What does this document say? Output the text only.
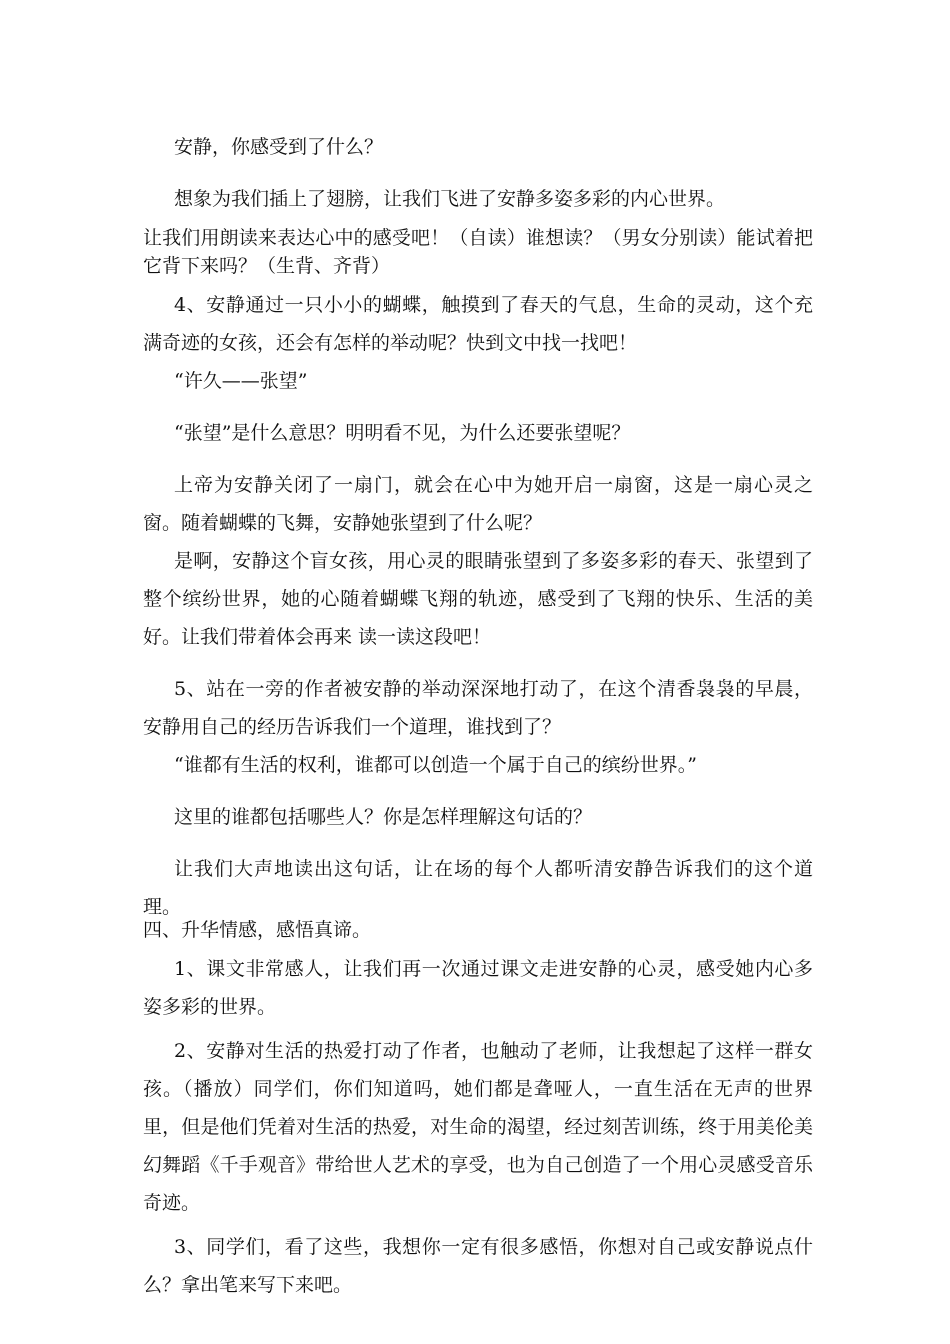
安静，你感受到了什么？

想象为我们插上了翅膀，让我们飞进了安静多姿多彩的内心世界。

让我们用朗读来表达心中的感受吧！（自读）谁想读？（男女分别读）能试着把它背下来吗？（生背、齐背）

4、安静通过一只小小的蝴蝶，触摸到了春天的气息，生命的灵动，这个充满奇迹的女孩，还会有怎样的举动呢？快到文中找一找吧！

“许久——张望”

“张望”是什么意思？明明看不见，为什么还要张望呢？

上帝为安静关闭了一扇门，就会在心中为她开启一扇窗，这是一扇心灵之窗。随着蝴蝶的飞舞，安静她张望到了什么呢？

是啊，安静这个盲女孩，用心灵的眼睛张望到了多姿多彩的春天、张望到了整个缤纷世界，她的心随着蝴蝶飞翔的轨迹，感受到了飞翔的快乐、生活的美好。让我们带着体会再来 读一读这段吧！

5、站在一旁的作者被安静的举动深深地打动了，在这个清香袅袅的早晨，安静用自己的经历告诉我们一个道理，谁找到了？

“谁都有生活的权利，谁都可以创造一个属于自己的缤纷世界。”

这里的谁都包括哪些人？你是怎样理解这句话的？

让我们大声地读出这句话，让在场的每个人都听清安静告诉我们的这个道理。

四、升华情感，感悟真谛。

1、课文非常感人，让我们再一次通过课文走进安静的心灵，感受她内心多姿多彩的世界。

2、安静对生活的热爱打动了作者，也触动了老师，让我想起了这样一群女孩。（播放）同学们，你们知道吗，她们都是聋哑人，一直生活在无声的世界里，但是他们凭着对生活的热爱，对生命的渴望，经过刻苦训练，终于用美伦美幻舞蹈《千手观音》带给世人艺术的享受，也为自己创造了一个用心灵感受音乐奇迹。

3、同学们，看了这些，我想你一定有很多感悟，你想对自己或安静说点什么？拿出笔来写下来吧。
